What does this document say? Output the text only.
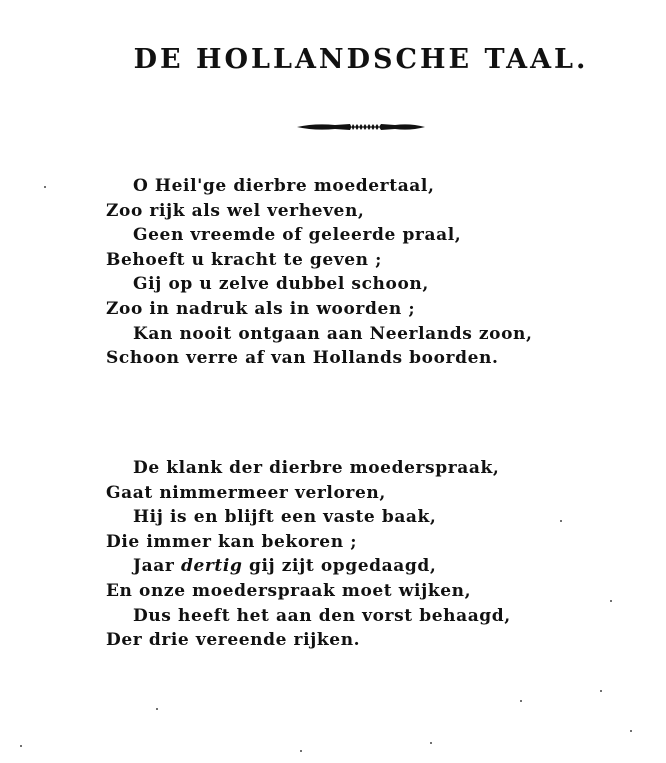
DE HOLLANDSCHE TAAL.
O Heil'ge dierbre moedertaal,
Zoo rijk als wel verheven,
Geen vreemde of geleerde praal,
Behoeft u kracht te geven ;
Gij op u zelve dubbel schoon,
Zoo in nadruk als in woorden ;
Kan nooit ontgaan aan Neerlands zoon,
Schoon verre af van Hollands boorden.
De klank der dierbre moederspraak,
Gaat nimmermeer verloren,
Hij is en blijft een vaste baak,
Die immer kan bekoren ;
Jaar dertig gij zijt opgedaagd,
En onze moederspraak moet wijken,
Dus heeft het aan den vorst behaagd,
Der drie vereende rijken.
